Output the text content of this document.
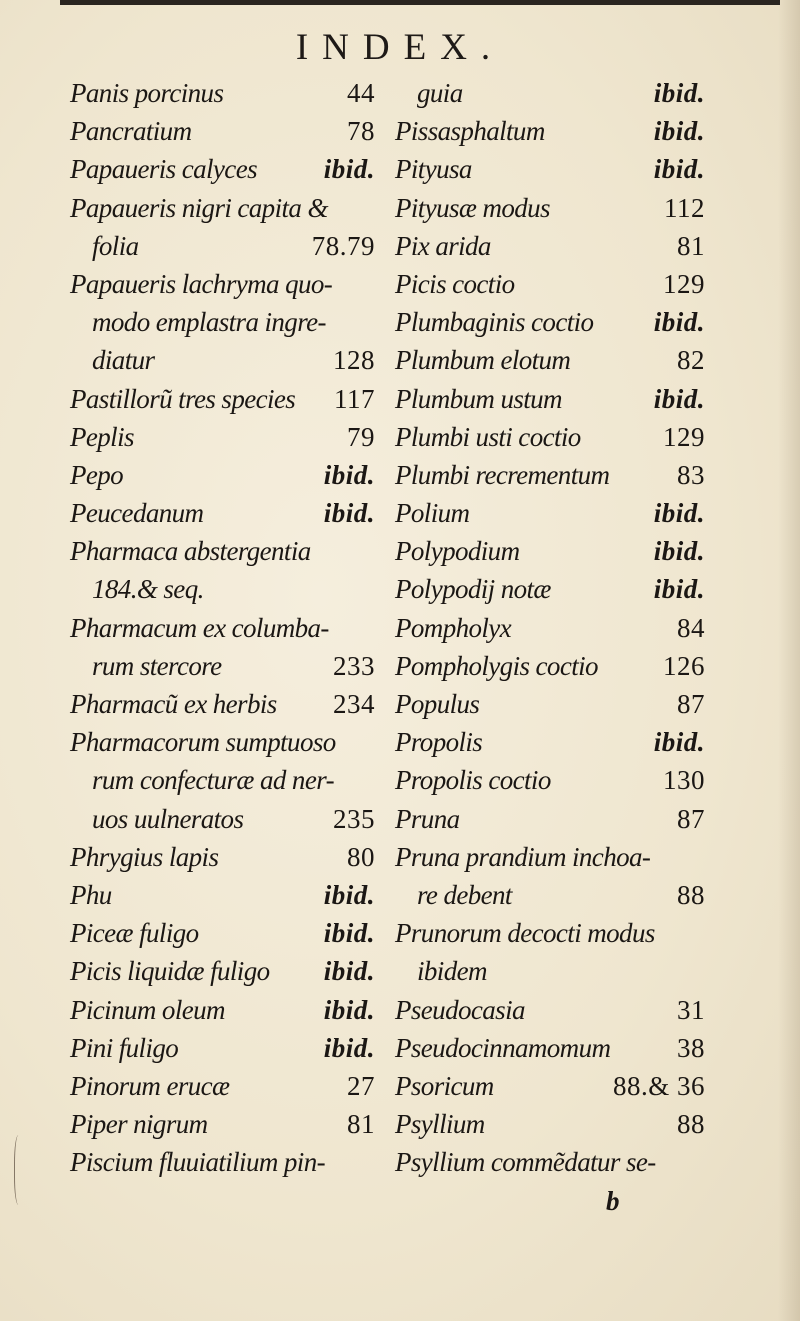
INDEX.
Panis porcinus	44
Pancratium	78
Papaueris calyces ibid.
Papaueris nigri capita &
folia	78.79
Papaueris lachryma quo-
modo emplastra ingre-
diatur	128
Pastillorũ tres species 117
Peplis	79
Pepo	ibid.
Peucedanum	ibid.
Pharmaca abstergentia
184.& seq.
Pharmacum ex columba-
rum stercore	233
Pharmacũ ex herbis 234
Pharmacorum sumptuoso
rum confecturæ ad ner-
uos uulneratos	235
Phrygius lapis	80
Phu	ibid.
Piceæ fuligo	ibid.
Picis liquidæ fuligo ibid.
Picinum oleum	ibid.
Pini fuligo	ibid.
Pinorum erucæ	27
Piper nigrum	81
Piscium fluuiatilium pin-
guia	ibid.
Pissasphaltum	ibid.
Pityusa	ibid.
Pityusæ modus	112
Pix arida	81
Picis coctio	129
Plumbaginis coctio ibid.
Plumbum elotum	82
Plumbum ustum	ibid.
Plumbi usti coctio	129
Plumbi recrementum	83
Polium	ibid.
Polypodium	ibid.
Polypodij notæ	ibid.
Pompholyx	84
Pompholygis coctio 126
Populus	87
Propolis	ibid.
Propolis coctio	130
Pruna	87
Pruna prandium inchoa-
re debent	88
Prunorum decocti modus
ibidem
Pseudocasia	31
Pseudocinnamomum 38
Psoricum	88.& 36
Psyllium	88
Psyllium commẽdatur se-
b
